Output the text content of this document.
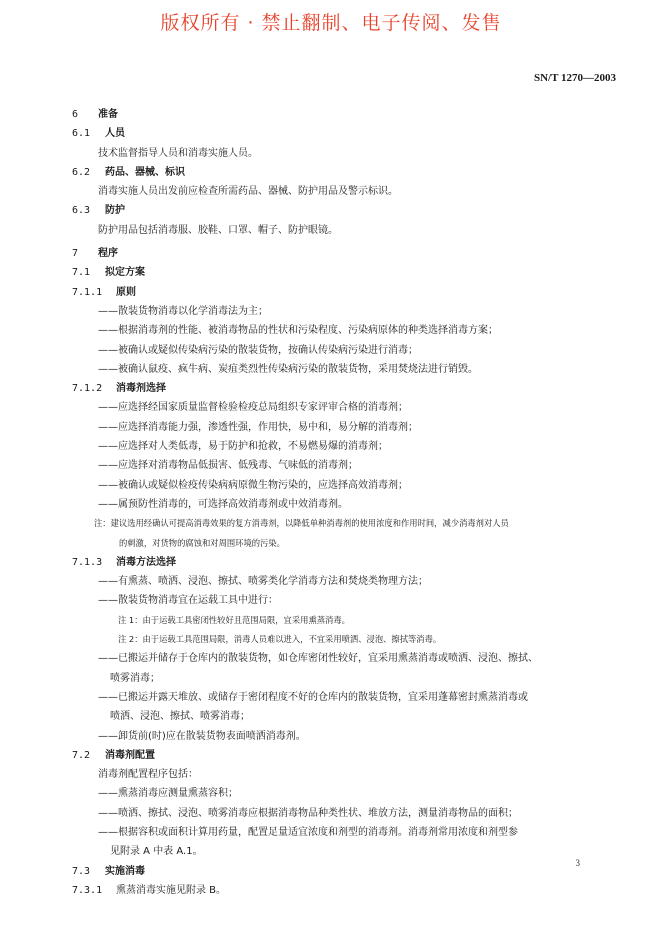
版权所有 · 禁止翻制、电子传阅、发售
SN/T 1270—2003
6 准备
6.1 人员
技术监督指导人员和消毒实施人员。
6.2 药品、器械、标识
消毒实施人员出发前应检查所需药品、器械、防护用品及警示标识。
6.3 防护
防护用品包括消毒服、胶鞋、口罩、帽子、防护眼镜。
7 程序
7.1 拟定方案
7.1.1 原则
——散装货物消毒以化学消毒法为主；
——根据消毒剂的性能、被消毒物品的性状和污染程度、污染病原体的种类选择消毒方案；
——被确认或疑似传染病污染的散装货物，按确认传染病污染进行消毒；
——被确认鼠疫、疯牛病、炭疽类烈性传染病污染的散装货物，采用焚烧法进行销毁。
7.1.2 消毒剂选择
——应选择经国家质量监督检验检疫总局组织专家评审合格的消毒剂；
——应选择消毒能力强，渗透性强，作用快，易中和，易分解的消毒剂；
——应选择对人类低毒，易于防护和抢救，不易燃易爆的消毒剂；
——应选择对消毒物品低损害、低残毒、气味低的消毒剂；
——被确认或疑似检疫传染病病原微生物污染的，应选择高效消毒剂；
——属预防性消毒的，可选择高效消毒剂或中效消毒剂。
注：建议选用经确认可提高消毒效果的复方消毒剂，以降低单种消毒剂的使用浓度和作用时间，减少消毒剂对人员
的刺激，对货物的腐蚀和对周围环境的污染。
7.1.3 消毒方法选择
——有熏蒸、喷洒、浸泡、擦拭、喷雾类化学消毒方法和焚烧类物理方法；
——散装货物消毒宜在运载工具中进行：
注 1：由于运载工具密闭性较好且范围局限，宜采用熏蒸消毒。
注 2：由于运载工具范围局限，消毒人员难以进入，不宜采用喷洒、浸泡、擦拭等消毒。
——已搬运并储存于仓库内的散装货物，如仓库密闭性较好，宜采用熏蒸消毒或喷洒、浸泡、擦拭、
喷雾消毒；
——已搬运并露天堆放、或储存于密闭程度不好的仓库内的散装货物，宜采用蓬幕密封熏蒸消毒或
喷洒、浸泡、擦拭、喷雾消毒；
——卸货前(时)应在散装货物表面喷洒消毒剂。
7.2 消毒剂配置
消毒剂配置程序包括：
——熏蒸消毒应测量熏蒸容积；
——喷洒、擦拭、浸泡、喷雾消毒应根据消毒物品种类性状、堆放方法，测量消毒物品的面积；
——根据容积或面积计算用药量，配置足量适宜浓度和剂型的消毒剂。消毒剂常用浓度和剂型参
见附录 A 中表 A.1。
7.3 实施消毒
7.3.1 熏蒸消毒实施见附录 B。
3
